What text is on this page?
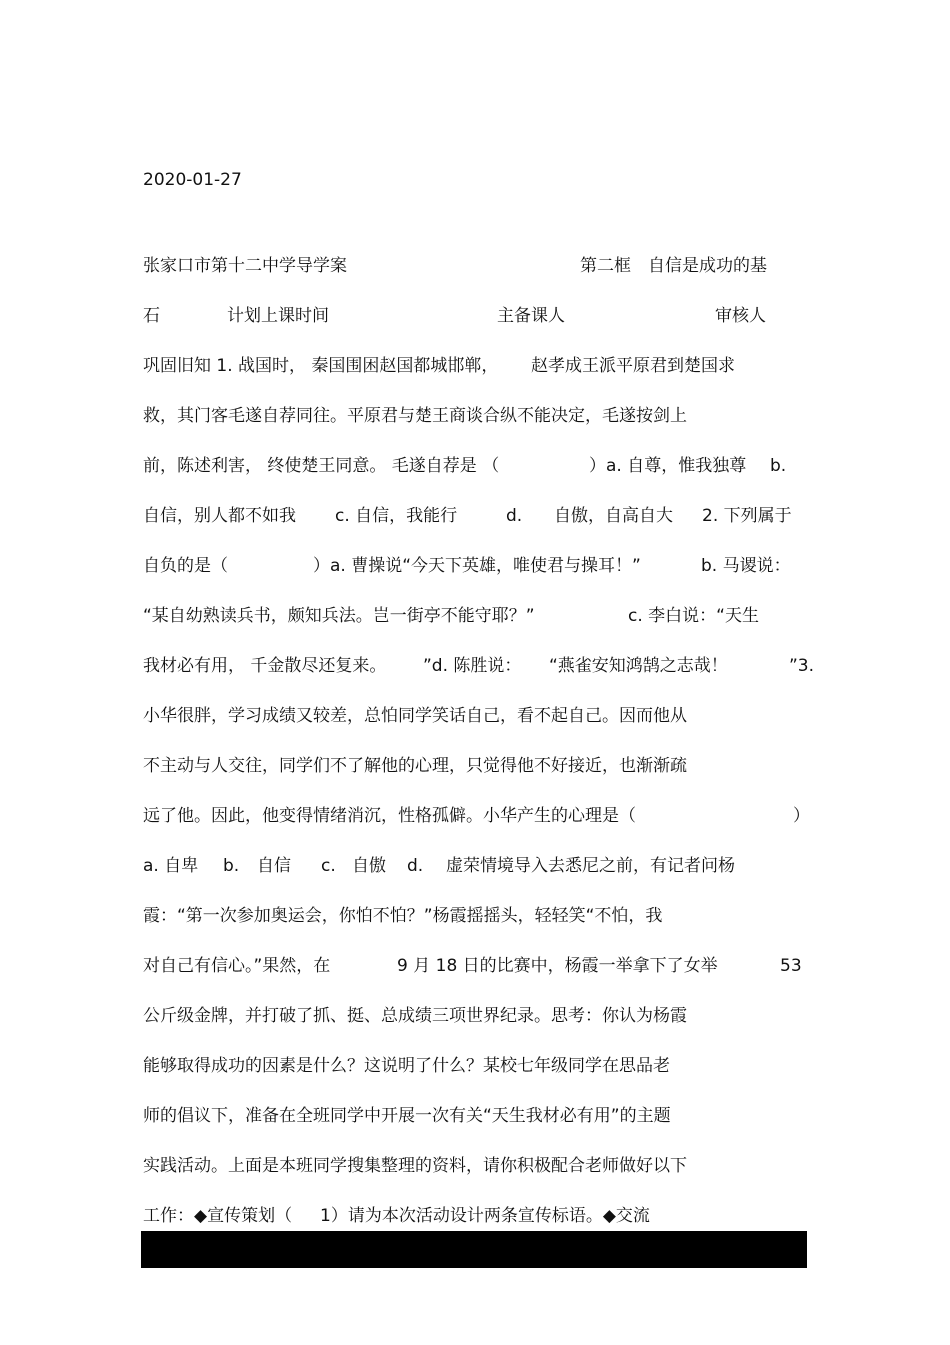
2020-01-27
张家口市第十二中学导学案	第二框　自信是成功的基
石	计划上课时间	主备课人	审核人
巩固旧知 1. 战国时， 秦国围困赵国都城邯郸， 赵孝成王派平原君到楚国求
救，其门客毛遂自荐同往。平原君与楚王商谈合纵不能决定，毛遂按剑上
前，陈述利害， 终使楚王同意。 毛遂自荐是 （	）a. 自尊，惟我独尊 b.
自信，别人都不如我 c. 自信，我能行	d. 自傲，自高自大 2. 下列属于
自负的是（	）a. 曹操说“今天下英雄，唯使君与操耳！”	b. 马谡说：
“某自幼熟读兵书，颇知兵法。岂一街亭不能守耶？”	c. 李白说：“天生
我材必有用， 千金散尽还复来。 ”d. 陈胜说： “燕雀安知鸿鹄之志哉！	”3.
小华很胖，学习成绩又较差，总怕同学笑话自己，看不起自己。因而他从
不主动与人交往，同学们不了解他的心理，只觉得他不好接近，也渐渐疏
远了他。因此，他变得情绪消沉，性格孤僻。小华产生的心理是（	）
a. 自卑 b. 自信 c. 自傲 d. 虚荣情境导入去悉尼之前，有记者问杨
霞：“第一次参加奥运会，你怕不怕？”杨霞摇摇头，轻轻笑“不怕，我
对自己有信心。”果然，在	9 月 18 日的比赛中，杨霞一举拿下了女举	53
公斤级金牌，并打破了抓、挺、总成绩三项世界纪录。思考：你认为杨霞
能够取得成功的因素是什么？这说明了什么？某校七年级同学在思品老
师的倡议下，准备在全班同学中开展一次有关“天生我材必有用”的主题
实践活动。上面是本班同学搜集整理的资料，请你积极配合老师做好以下
工作：◆宣传策划（ 1）请为本次活动设计两条宣传标语。◆交流
